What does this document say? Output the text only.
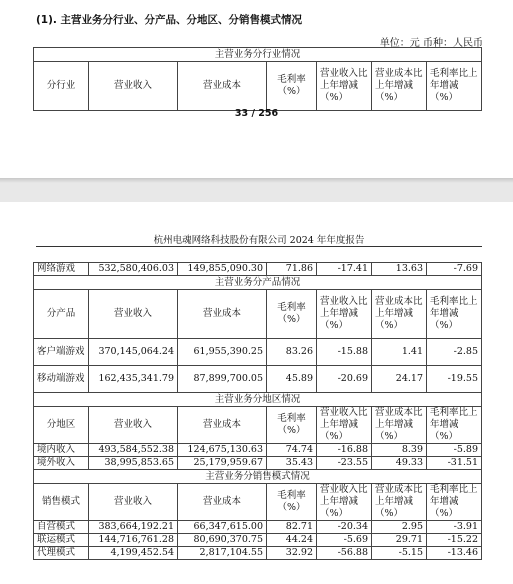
(1). 主营业务分行业、分产品、分地区、分销售模式情况
单位：元 币种：人民币
主营业务分行业情况
分行业	营业收入	营业成本	毛利率（%）	营业收入比上年增减（%）	营业成本比上年增减（%）	毛利率比上年增减（%）
33 / 256
杭州电魂网络科技股份有限公司 2024 年年度报告
网络游戏	532,580,406.03	149,855,090.30	71.86	-17.41	13.63	-7.69
主营业务分产品情况						
分产品	营业收入	营业成本	毛利率（%）	营业收入比上年增减（%）	营业成本比上年增减（%）	毛利率比上年增减（%）
客户端游戏	370,145,064.24	61,955,390.25	83.26	-15.88	1.41	-2.85
移动端游戏	162,435,341.79	87,899,700.05	45.89	-20.69	24.17	-19.55
主营业务分地区情况						
分地区	营业收入	营业成本	毛利率（%）	营业收入比上年增减（%）	营业成本比上年增减（%）	毛利率比上年增减（%）
境内收入	493,584,552.38	124,675,130.63	74.74	-16.88	8.39	-5.89
境外收入	38,995,853.65	25,179,959.67	35.43	-23.55	49.33	-31.51
主营业务分销售模式情况						
销售模式	营业收入	营业成本	毛利率（%）	营业收入比上年增减（%）	营业成本比上年增减（%）	毛利率比上年增减（%）
自营模式	383,664,192.21	66,347,615.00	82.71	-20.34	2.95	-3.91
联运模式	144,716,761.28	80,690,370.75	44.24	-5.69	29.71	-15.22
代理模式	4,199,452.54	2,817,104.55	32.92	-56.88	-5.15	-13.46
